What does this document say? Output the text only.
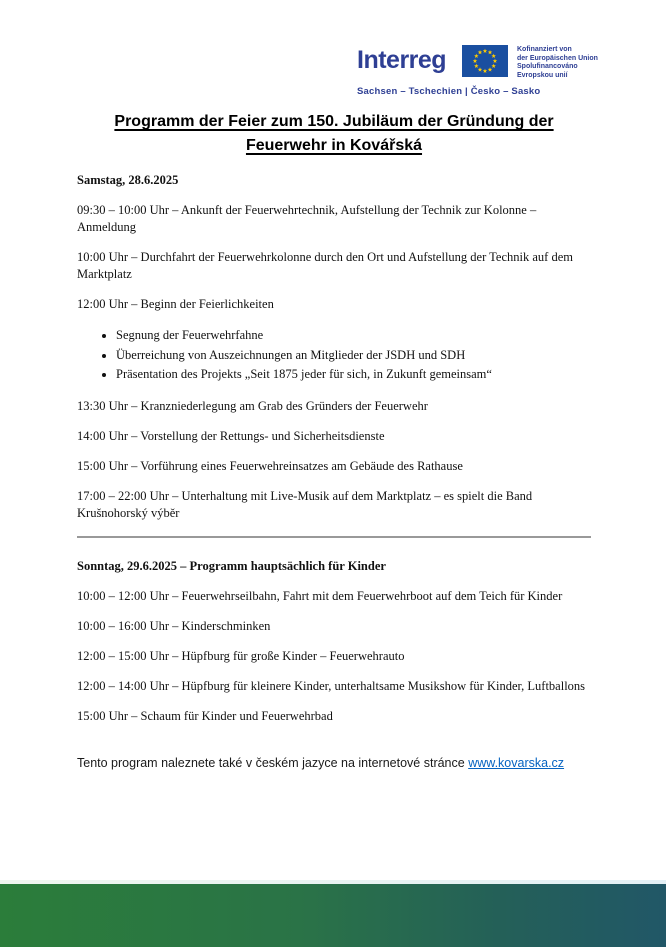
Interreg	Kofinanziert von
der Europäischen Union
Spolufinancováno
Evropskou unií
Sachsen – Tschechien | Česko – Sasko
Programm der Feier zum 150. Jubiläum der Gründung der
Feuerwehr in Kovářská

Samstag, 28.6.2025

09:30 – 10:00 Uhr – Ankunft der Feuerwehrtechnik, Aufstellung der Technik zur Kolonne – Anmeldung

10:00 Uhr – Durchfahrt der Feuerwehrkolonne durch den Ort und Aufstellung der Technik auf dem Marktplatz

12:00 Uhr – Beginn der Feierlichkeiten

• Segnung der Feuerwehrfahne
• Überreichung von Auszeichnungen an Mitglieder der JSDH und SDH
• Präsentation des Projekts „Seit 1875 jeder für sich, in Zukunft gemeinsam“

13:30 Uhr – Kranzniederlegung am Grab des Gründers der Feuerwehr

14:00 Uhr – Vorstellung der Rettungs- und Sicherheitsdienste

15:00 Uhr – Vorführung eines Feuerwehreinsatzes am Gebäude des Rathause

17:00 – 22:00 Uhr – Unterhaltung mit Live-Musik auf dem Marktplatz – es spielt die Band Krušnohorský výběr

Sonntag, 29.6.2025 – Programm hauptsächlich für Kinder

10:00 – 12:00 Uhr – Feuerwehrseilbahn, Fahrt mit dem Feuerwehrboot auf dem Teich für Kinder

10:00 – 16:00 Uhr – Kinderschminken

12:00 – 15:00 Uhr – Hüpfburg für große Kinder – Feuerwehrauto

12:00 – 14:00 Uhr – Hüpfburg für kleinere Kinder, unterhaltsame Musikshow für Kinder, Luftballons

15:00 Uhr – Schaum für Kinder und Feuerwehrbad

Tento program naleznete také v českém jazyce na internetové stránce www.kovarska.cz
